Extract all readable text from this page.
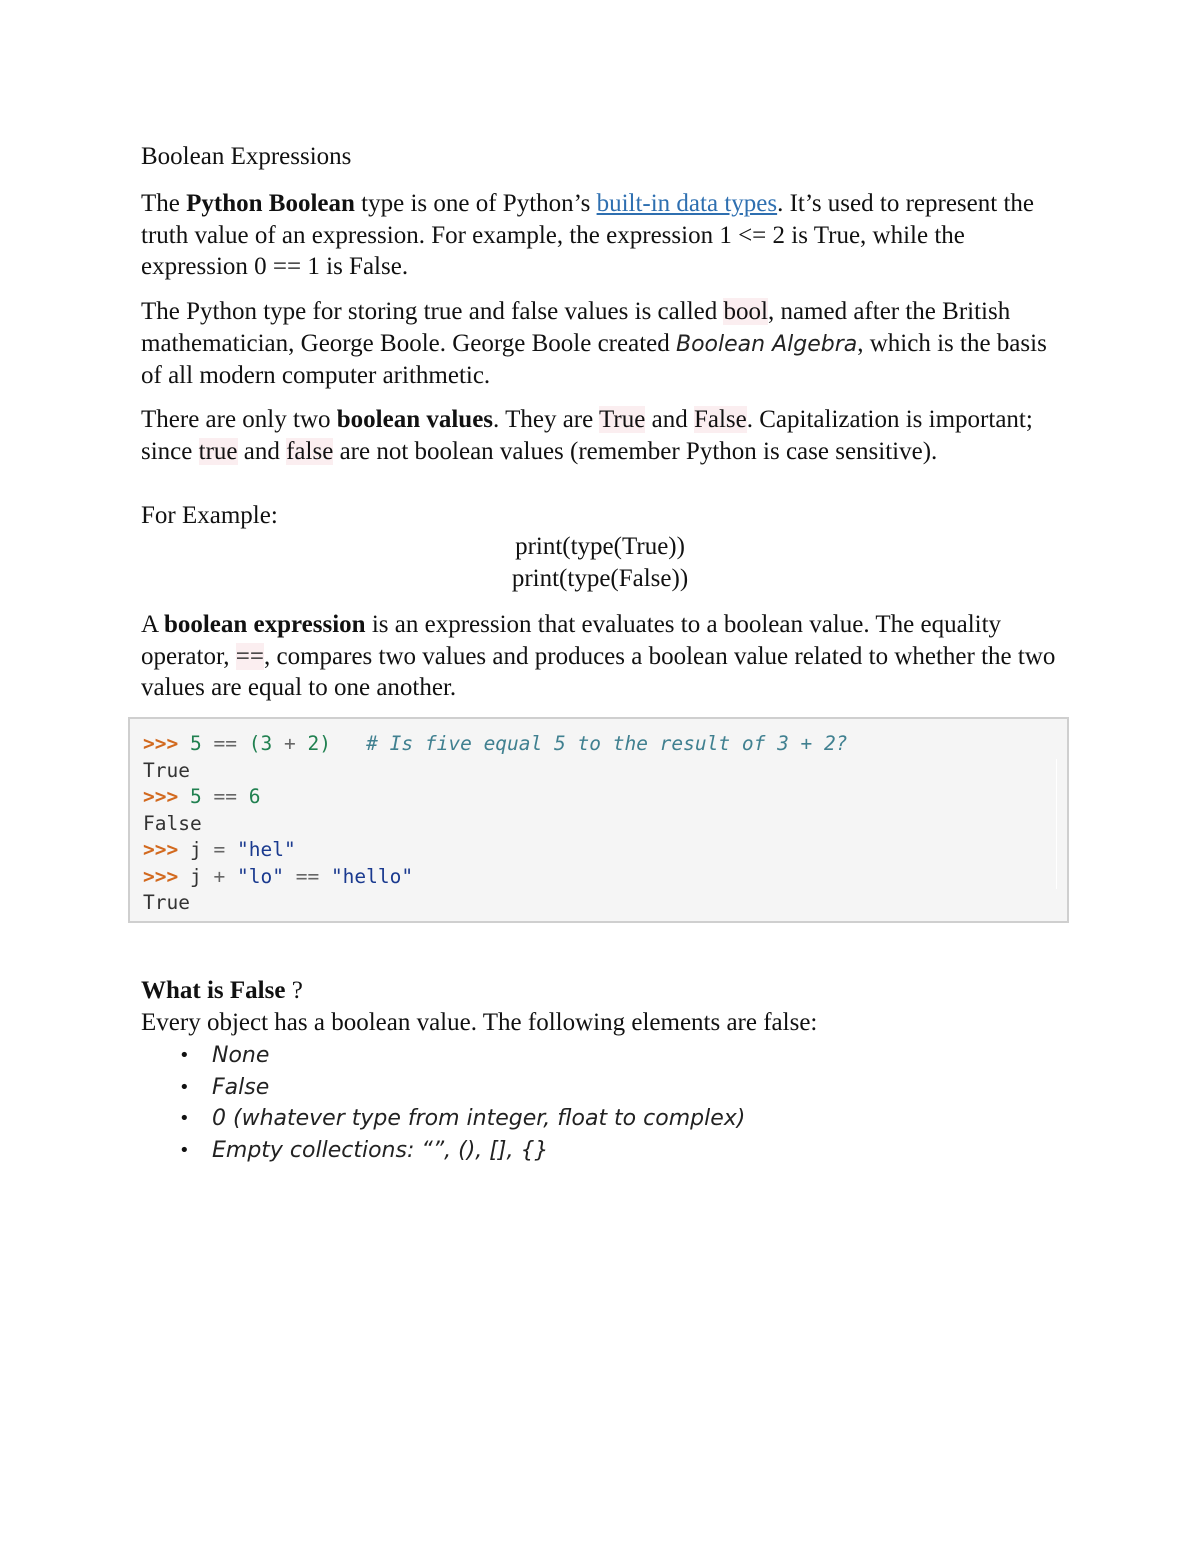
Boolean Expressions
The Python Boolean type is one of Python’s built-in data types. It’s used to represent the truth value of an expression. For example, the expression 1 <= 2 is True, while the expression 0 == 1 is False.
The Python type for storing true and false values is called bool, named after the British mathematician, George Boole. George Boole created Boolean Algebra, which is the basis of all modern computer arithmetic.
There are only two boolean values. They are True and False. Capitalization is important; since true and false are not boolean values (remember Python is case sensitive).
For Example:
print(type(True))
print(type(False))
A boolean expression is an expression that evaluates to a boolean value. The equality operator, ==, compares two values and produces a boolean value related to whether the two values are equal to one another.
>>> 5 == (3 + 2) # Is five equal 5 to the result of 3 + 2?
True
>>> 5 == 6
False
>>> j = "hel"
>>> j + "lo" == "hello"
True
What is False ?
Every object has a boolean value. The following elements are false:
• None
• False
• 0 (whatever type from integer, float to complex)
• Empty collections: “”, (), [], {}
